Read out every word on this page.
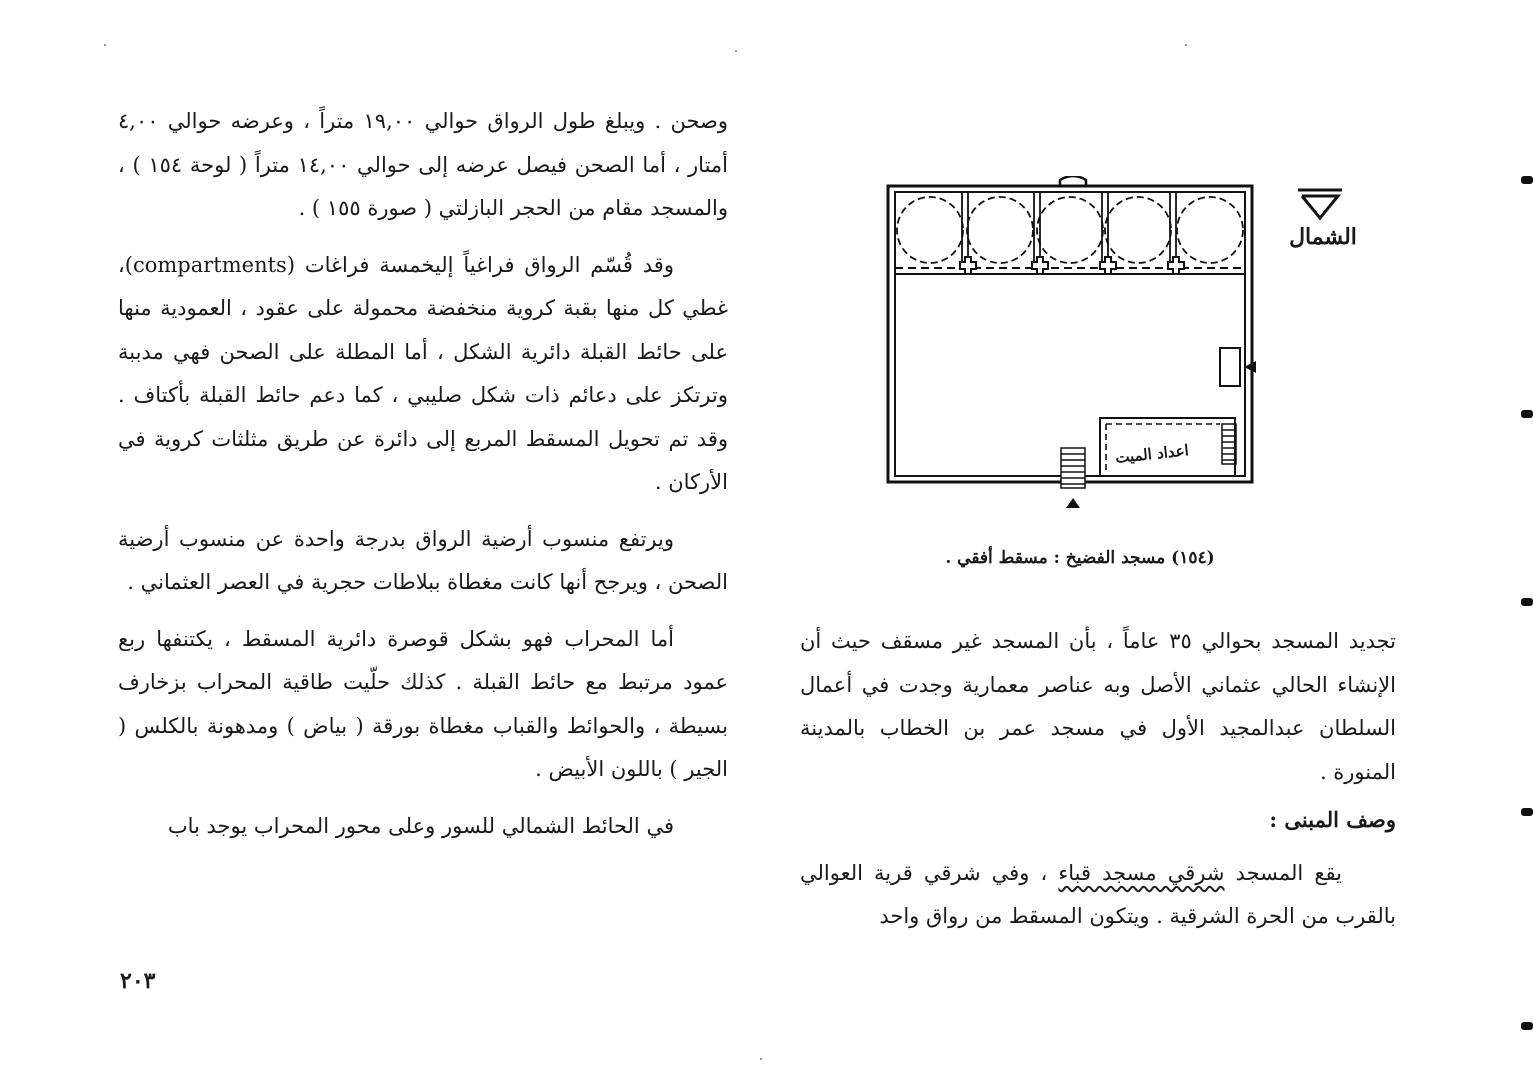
وصحن . ويبلغ طول الرواق حوالي ١٩,٠٠ متراً ، وعرضه حوالي ٤,٠٠ أمتار ، أما الصحن فيصل عرضه إلى حوالي ١٤,٠٠ متراً ( لوحة ١٥٤ ) ، والمسجد مقام من الحجر البازلتي ( صورة ١٥٥ ) .

وقد قُسّم الرواق فراغياً إليخمسة فراغات (compartments)، غطي كل منها بقبة كروية منخفضة محمولة على عقود ، العمودية منها على حائط القبلة دائرية الشكل ، أما المطلة على الصحن فهي مدببة وترتكز على دعائم ذات شكل صليبي ، كما دعم حائط القبلة بأكتاف . وقد تم تحويل المسقط المربع إلى دائرة عن طريق مثلثات كروية في الأركان .

ويرتفع منسوب أرضية الرواق بدرجة واحدة عن منسوب أرضية الصحن ، ويرجح أنها كانت مغطاة ببلاطات حجرية في العصر العثماني .

أما المحراب فهو بشكل قوصرة دائرية المسقط ، يكتنفها ربع عمود مرتبط مع حائط القبلة . كذلك حلّيت طاقية المحراب بزخارف بسيطة ، والحوائط والقباب مغطاة بورقة ( بياض ) ومدهونة بالكلس ( الجير ) باللون الأبيض .

في الحائط الشمالي للسور وعلى محور المحراب يوجد باب

٢٠٣
اعداد الميت
الشمال
(١٥٤) مسجد الفضيخ : مسقط أفقي .

تجديد المسجد بحوالي ٣٥ عاماً ، بأن المسجد غير مسقف حيث أن الإنشاء الحالي عثماني الأصل وبه عناصر معمارية وجدت في أعمال السلطان عبدالمجيد الأول في مسجد عمر بن الخطاب بالمدينة المنورة .

وصف المبنى :

يقع المسجد شرقي مسجد قباء ، وفي شرقي قرية العوالي بالقرب من الحرة الشرقية . ويتكون المسقط من رواق واحد
